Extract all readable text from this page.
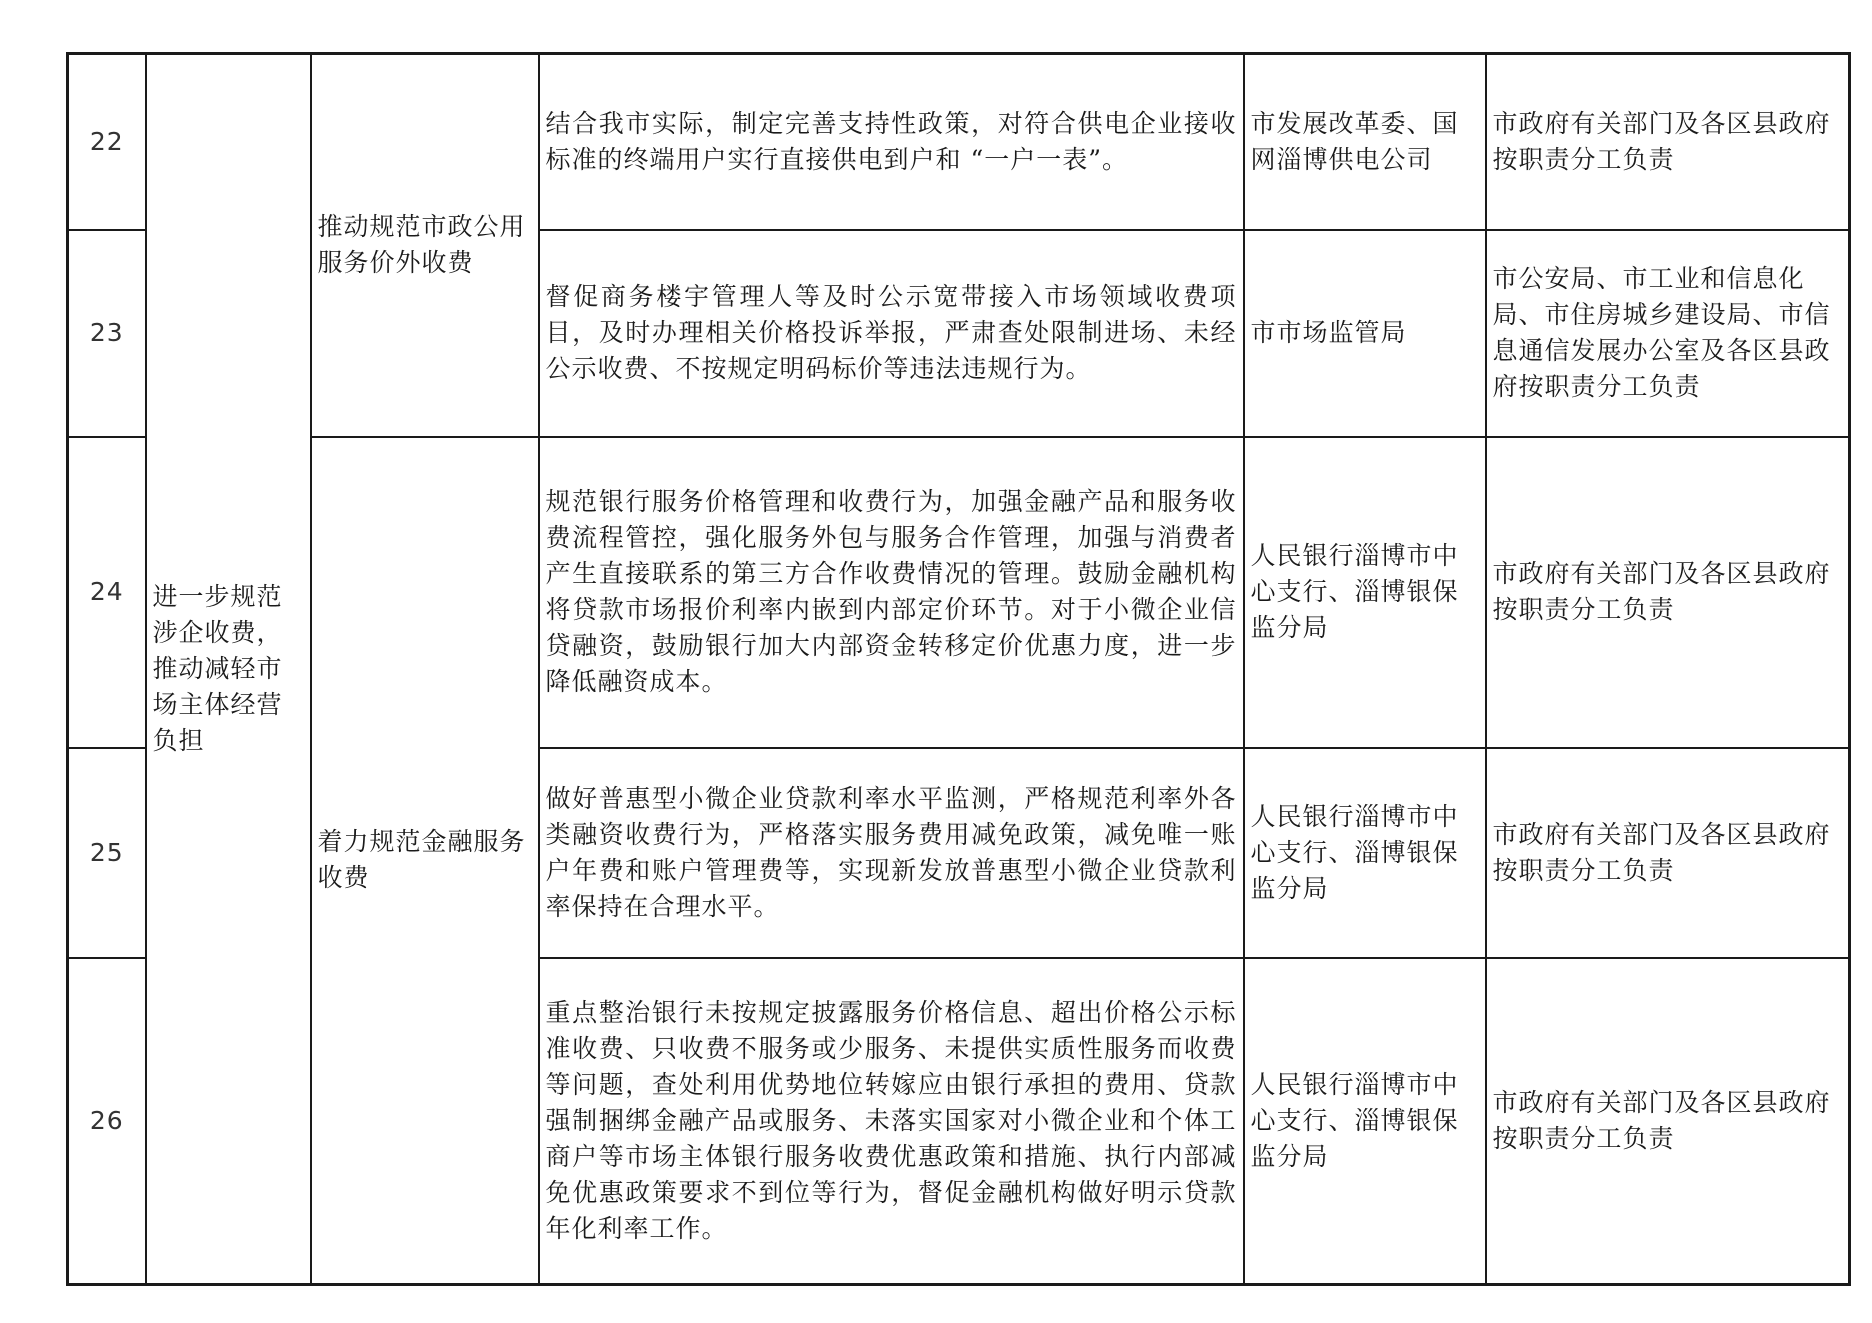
22	进一步规范涉企收费，推动减轻市场主体经营负担	推动规范市政公用服务价外收费	结合我市实际，制定完善支持性政策，对符合供电企业接收标准的终端用户实行直接供电到户和 “一户一表”。	市发展改革委、国网淄博供电公司	市政府有关部门及各区县政府按职责分工负责
23			督促商务楼宇管理人等及时公示宽带接入市场领域收费项目，及时办理相关价格投诉举报，严肃查处限制进场、未经公示收费、不按规定明码标价等违法违规行为。	市市场监管局	市公安局、市工业和信息化局、市住房城乡建设局、市信息通信发展办公室及各区县政府按职责分工负责
24		着力规范金融服务收费	规范银行服务价格管理和收费行为，加强金融产品和服务收费流程管控，强化服务外包与服务合作管理，加强与消费者产生直接联系的第三方合作收费情况的管理。鼓励金融机构将贷款市场报价利率内嵌到内部定价环节。对于小微企业信贷融资，鼓励银行加大内部资金转移定价优惠力度，进一步降低融资成本。	人民银行淄博市中心支行、淄博银保监分局	市政府有关部门及各区县政府按职责分工负责
25			做好普惠型小微企业贷款利率水平监测，严格规范利率外各类融资收费行为，严格落实服务费用减免政策，减免唯一账户年费和账户管理费等，实现新发放普惠型小微企业贷款利率保持在合理水平。	人民银行淄博市中心支行、淄博银保监分局	市政府有关部门及各区县政府按职责分工负责
26			重点整治银行未按规定披露服务价格信息、超出价格公示标准收费、只收费不服务或少服务、未提供实质性服务而收费等问题，查处利用优势地位转嫁应由银行承担的费用、贷款强制捆绑金融产品或服务、未落实国家对小微企业和个体工商户等市场主体银行服务收费优惠政策和措施、执行内部减免优惠政策要求不到位等行为，督促金融机构做好明示贷款年化利率工作。	人民银行淄博市中心支行、淄博银保监分局	市政府有关部门及各区县政府按职责分工负责
